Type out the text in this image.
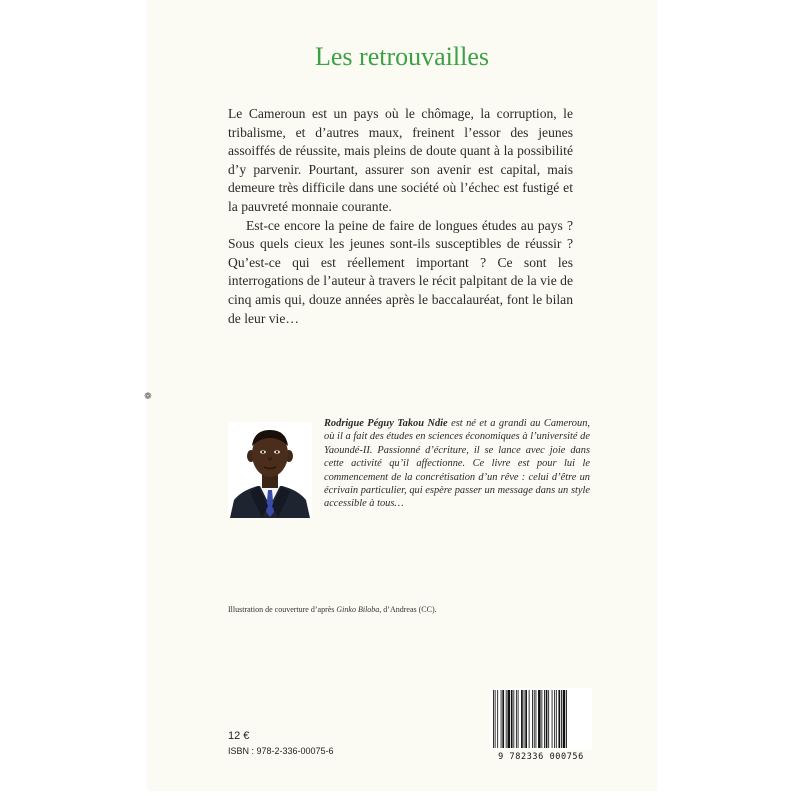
Les retrouvailles

Le Cameroun est un pays où le chômage, la corruption, le tribalisme, et d’autres maux, freinent l’essor des jeunes assoiffés de réussite, mais pleins de doute quant à la possibilité d’y parvenir. Pourtant, assurer son avenir est capital, mais demeure très difficile dans une société où l’échec est fustigé et la pauvreté monnaie courante.

Est-ce encore la peine de faire de longues études au pays ? Sous quels cieux les jeunes sont-ils susceptibles de réussir ? Qu’est-ce qui est réellement important ? Ce sont les interrogations de l’auteur à travers le récit palpitant de la vie de cinq amis qui, douze années après le baccalauréat, font le bilan de leur vie…

❁
Rodrigue Péguy Takou Ndie est né et a grandi au Cameroun, où il a fait des études en sciences économiques à l’université de Yaoundé-II. Passionné d’écriture, il se lance avec joie dans cette activité qu’il affectionne. Ce livre est pour lui le commencement de la concrétisation d’un rêve : celui d’être un écrivain particulier, qui espère passer un message dans un style accessible à tous…
Illustration de couverture d’après Ginko Biloba, d’Andreas (CC).
12 €
ISBN : 978-2-336-00075-6
9 782336 000756
